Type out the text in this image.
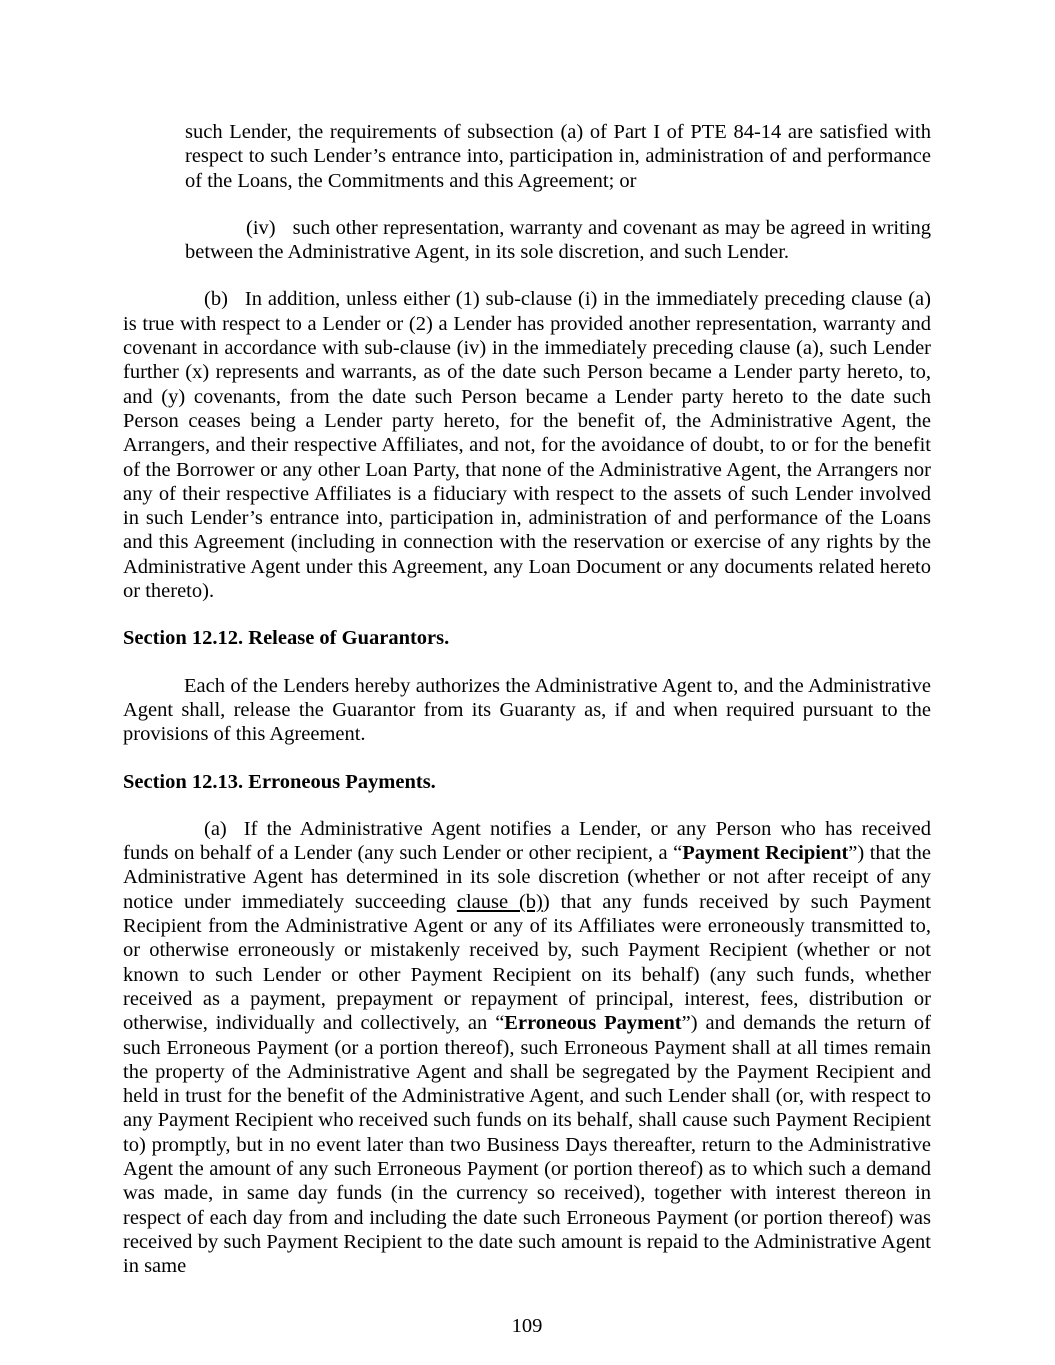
such Lender, the requirements of subsection (a) of Part I of PTE 84-14 are satisfied with respect to such Lender’s entrance into, participation in, administration of and performance of the Loans, the Commitments and this Agreement; or

(iv) such other representation, warranty and covenant as may be agreed in writing between the Administrative Agent, in its sole discretion, and such Lender.

(b) In addition, unless either (1) sub-clause (i) in the immediately preceding clause (a) is true with respect to a Lender or (2) a Lender has provided another representation, warranty and covenant in accordance with sub-clause (iv) in the immediately preceding clause (a), such Lender further (x) represents and warrants, as of the date such Person became a Lender party hereto, to, and (y) covenants, from the date such Person became a Lender party hereto to the date such Person ceases being a Lender party hereto, for the benefit of, the Administrative Agent, the Arrangers, and their respective Affiliates, and not, for the avoidance of doubt, to or for the benefit of the Borrower or any other Loan Party, that none of the Administrative Agent, the Arrangers nor any of their respective Affiliates is a fiduciary with respect to the assets of such Lender involved in such Lender’s entrance into, participation in, administration of and performance of the Loans and this Agreement (including in connection with the reservation or exercise of any rights by the Administrative Agent under this Agreement, any Loan Document or any documents related hereto or thereto).

Section 12.12. Release of Guarantors.

Each of the Lenders hereby authorizes the Administrative Agent to, and the Administrative Agent shall, release the Guarantor from its Guaranty as, if and when required pursuant to the provisions of this Agreement.

Section 12.13. Erroneous Payments.

(a) If the Administrative Agent notifies a Lender, or any Person who has received funds on behalf of a Lender (any such Lender or other recipient, a “Payment Recipient”) that the Administrative Agent has determined in its sole discretion (whether or not after receipt of any notice under immediately succeeding clause (b)) that any funds received by such Payment Recipient from the Administrative Agent or any of its Affiliates were erroneously transmitted to, or otherwise erroneously or mistakenly received by, such Payment Recipient (whether or not known to such Lender or other Payment Recipient on its behalf) (any such funds, whether received as a payment, prepayment or repayment of principal, interest, fees, distribution or otherwise, individually and collectively, an “Erroneous Payment”) and demands the return of such Erroneous Payment (or a portion thereof), such Erroneous Payment shall at all times remain the property of the Administrative Agent and shall be segregated by the Payment Recipient and held in trust for the benefit of the Administrative Agent, and such Lender shall (or, with respect to any Payment Recipient who received such funds on its behalf, shall cause such Payment Recipient to) promptly, but in no event later than two Business Days thereafter, return to the Administrative Agent the amount of any such Erroneous Payment (or portion thereof) as to which such a demand was made, in same day funds (in the currency so received), together with interest thereon in respect of each day from and including the date such Erroneous Payment (or portion thereof) was received by such Payment Recipient to the date such amount is repaid to the Administrative Agent in same

109
